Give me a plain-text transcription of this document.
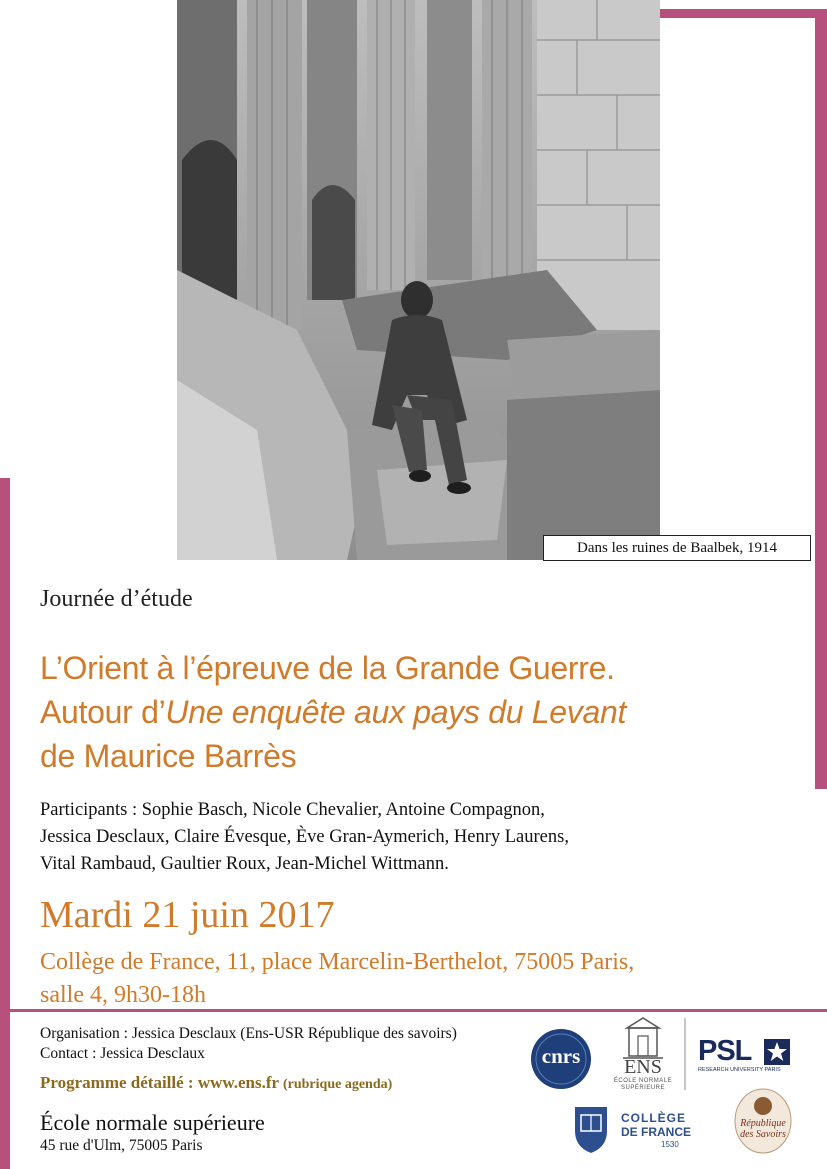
Dans les ruines de Baalbek, 1914
Journée d’étude
L’Orient à l’épreuve de la Grande Guerre.
Autour d’Une enquête aux pays du Levant
de Maurice Barrès
Participants : Sophie Basch, Nicole Chevalier, Antoine Compagnon,
Jessica Desclaux, Claire Évesque, Ève Gran-Aymerich, Henry Laurens,
Vital Rambaud, Gaultier Roux, Jean-Michel Wittmann.
Mardi 21 juin 2017
Collège de France, 11, place Marcelin-Berthelot, 75005 Paris,
salle 4, 9h30-18h
Organisation : Jessica Desclaux (Ens-USR République des savoirs)
Contact : Jessica Desclaux
Programme détaillé : www.ens.fr (rubrique agenda)
École normale supérieure
45 rue d'Ulm, 75005 Paris
cnrs	ENS
ÉCOLE NORMALE
SUPÉRIEURE
PSL
RESEARCH UNIVERSITY PARIS
COLLÈGE
DE FRANCE
1530
République
des Savoirs
